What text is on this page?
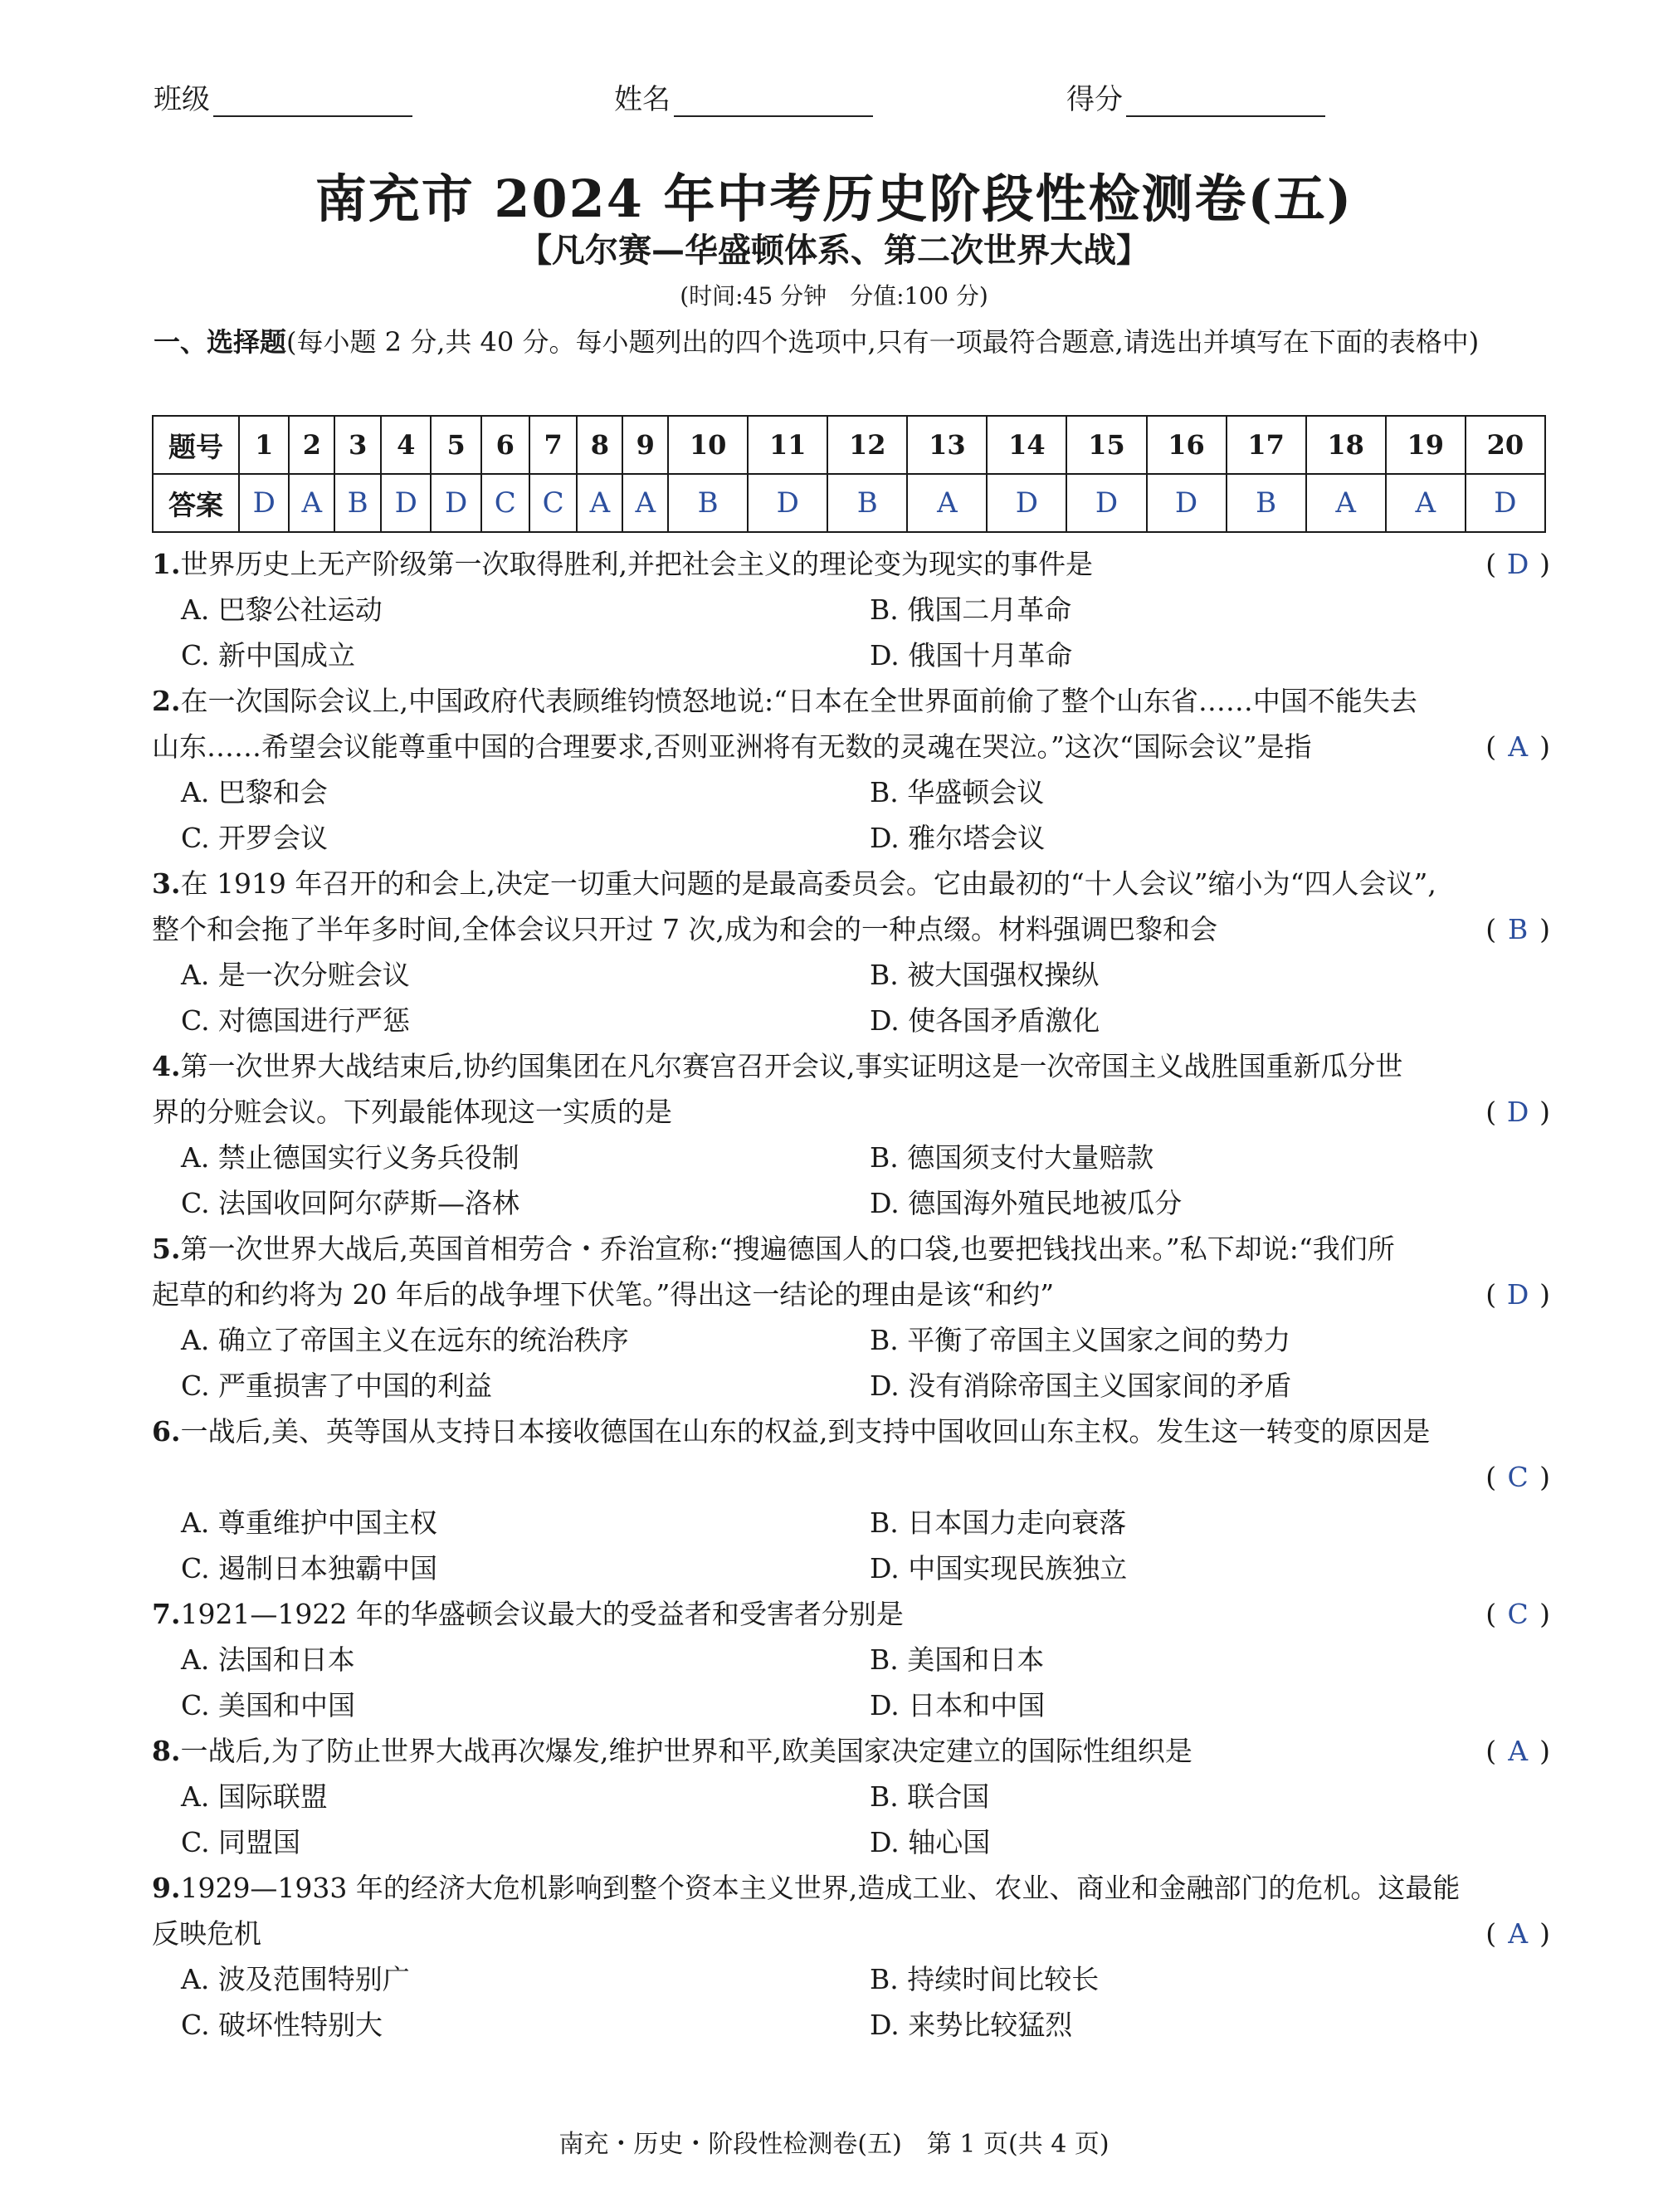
班级	姓名	得分
南充市 2024 年中考历史阶段性检测卷(五)
【凡尔赛—华盛顿体系、第二次世界大战】
(时间:45 分钟　分值:100 分)
一、选择题(每小题 2 分,共 40 分。每小题列出的四个选项中,只有一项最符合题意,请选出并填写在下面的表格中)
题号	1	2	3	4	5	6	7	8	9	10	11	12	13	14	15	16	17	18	19	20
答案	D	A	B	D	D	C	C	A	A	B	D	B	A	D	D	D	B	A	A	D
1.世界历史上无产阶级第一次取得胜利,并把社会主义的理论变为现实的事件是	( D )
A. 巴黎公社运动	B. 俄国二月革命
C. 新中国成立	D. 俄国十月革命
2.在一次国际会议上,中国政府代表顾维钧愤怒地说:“日本在全世界面前偷了整个山东省……中国不能失去
山东……希望会议能尊重中国的合理要求,否则亚洲将有无数的灵魂在哭泣。”这次“国际会议”是指	( A )
A. 巴黎和会	B. 华盛顿会议
C. 开罗会议	D. 雅尔塔会议
3.在 1919 年召开的和会上,决定一切重大问题的是最高委员会。它由最初的“十人会议”缩小为“四人会议”,
整个和会拖了半年多时间,全体会议只开过 7 次,成为和会的一种点缀。材料强调巴黎和会	( B )
A. 是一次分赃会议	B. 被大国强权操纵
C. 对德国进行严惩	D. 使各国矛盾激化
4.第一次世界大战结束后,协约国集团在凡尔赛宫召开会议,事实证明这是一次帝国主义战胜国重新瓜分世
界的分赃会议。下列最能体现这一实质的是	( D )
A. 禁止德国实行义务兵役制	B. 德国须支付大量赔款
C. 法国收回阿尔萨斯—洛林	D. 德国海外殖民地被瓜分
5.第一次世界大战后,英国首相劳合・乔治宣称:“搜遍德国人的口袋,也要把钱找出来。”私下却说:“我们所
起草的和约将为 20 年后的战争埋下伏笔。”得出这一结论的理由是该“和约”	( D )
A. 确立了帝国主义在远东的统治秩序	B. 平衡了帝国主义国家之间的势力
C. 严重损害了中国的利益	D. 没有消除帝国主义国家间的矛盾
6.一战后,美、英等国从支持日本接收德国在山东的权益,到支持中国收回山东主权。发生这一转变的原因是
( C )
A. 尊重维护中国主权	B. 日本国力走向衰落
C. 遏制日本独霸中国	D. 中国实现民族独立
7.1921—1922 年的华盛顿会议最大的受益者和受害者分别是	( C )
A. 法国和日本	B. 美国和日本
C. 美国和中国	D. 日本和中国
8.一战后,为了防止世界大战再次爆发,维护世界和平,欧美国家决定建立的国际性组织是	( A )
A. 国际联盟	B. 联合国
C. 同盟国	D. 轴心国
9.1929—1933 年的经济大危机影响到整个资本主义世界,造成工业、农业、商业和金融部门的危机。这最能
反映危机	( A )
A. 波及范围特别广	B. 持续时间比较长
C. 破坏性特别大	D. 来势比较猛烈
南充・历史・阶段性检测卷(五)　第 1 页(共 4 页)
